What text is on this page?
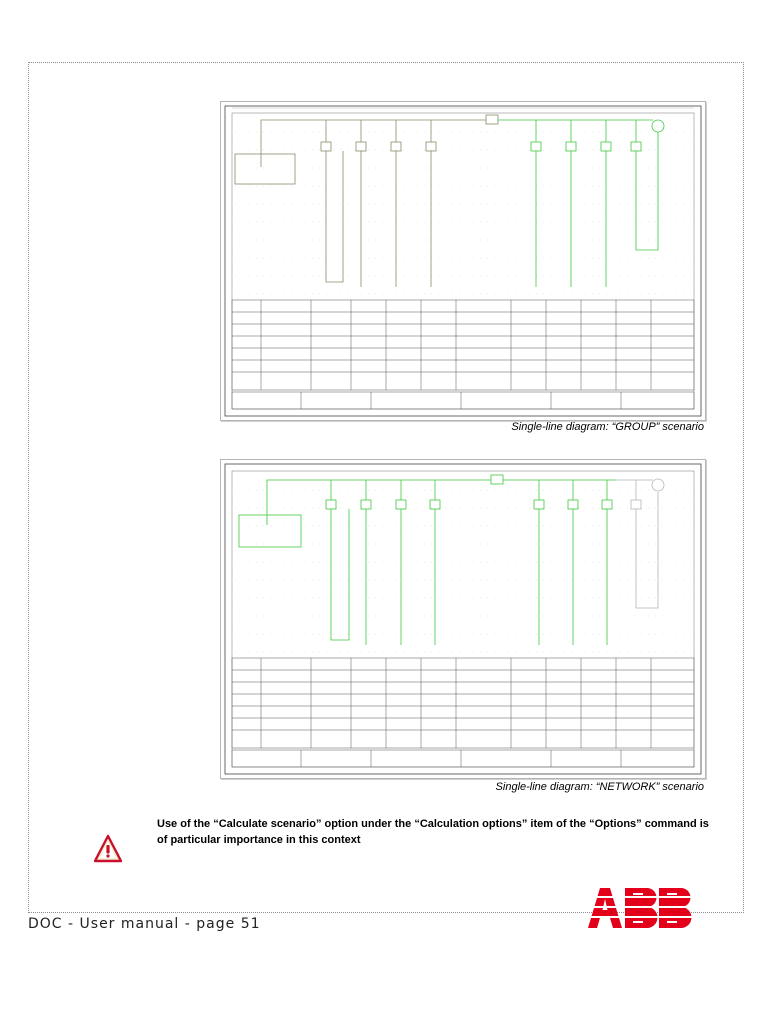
Single-line diagram: “GROUP” scenario
Single-line diagram: “NETWORK” scenario
Use of the “Calculate scenario” option under the “Calculation options” item of the “Options” command is of particular importance in this context
DOC - User manual - page 51
